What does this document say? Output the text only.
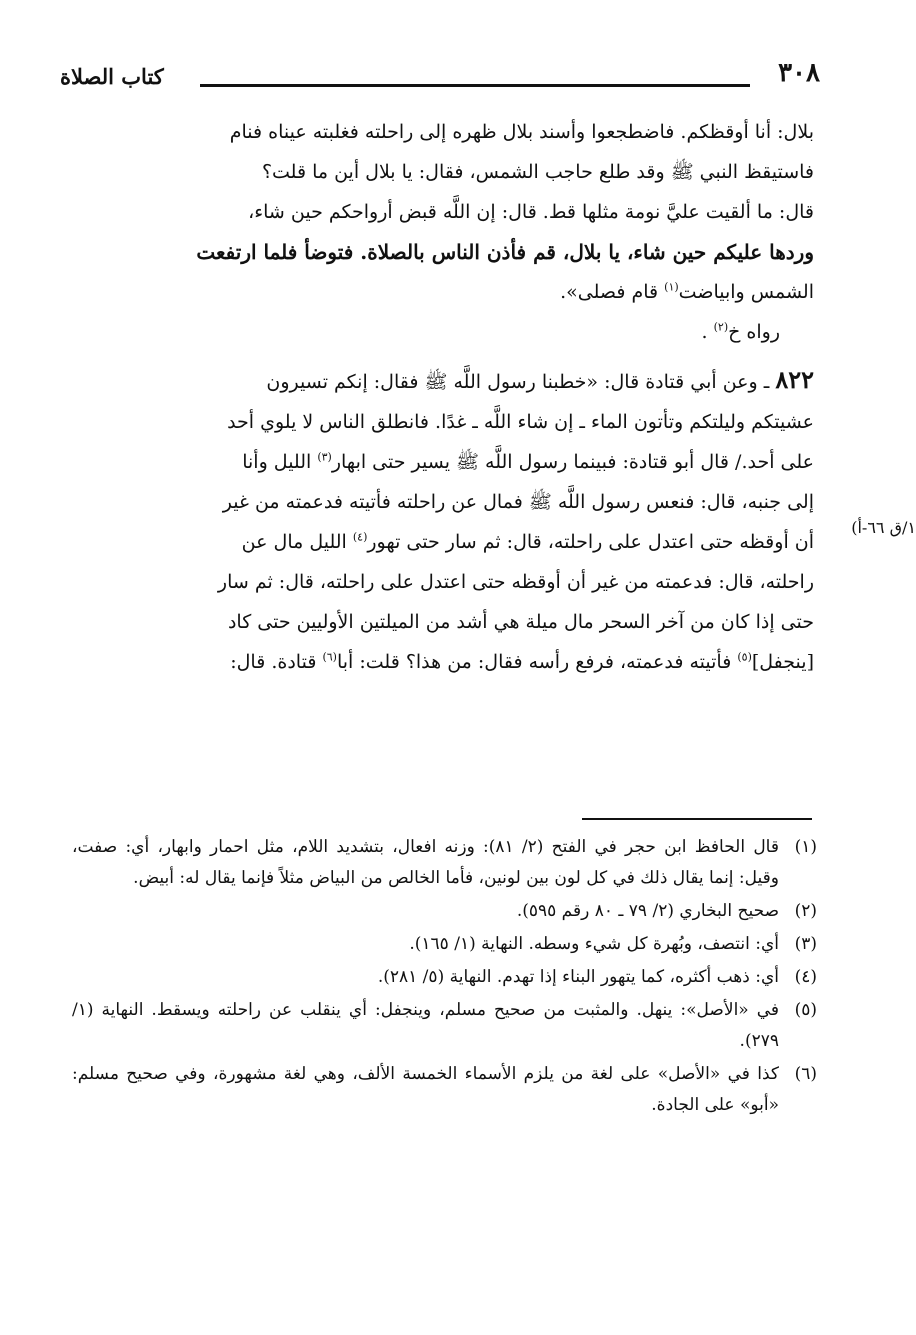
٣٠٨
كتاب الصلاة
١/ق ٦٦-أ)

بلال: أنا أوقظكم. فاضطجعوا وأسند بلال ظهره إلى راحلته فغلبته عيناه فنام

فاستيقظ النبي ﷺ وقد طلع حاجب الشمس، فقال: يا بلال أين ما قلت؟

قال: ما ألقيت عليَّ نومة مثلها قط. قال: إن اللَّه قبض أرواحكم حين شاء،

وردها عليكم حين شاء، يا بلال، قم فأذن الناس بالصلاة. فتوضأ فلما ارتفعت

الشمس وابياضت$^{(١)}$ قام فصلى».

رواه خ$^{(٢)}$ .

٨٢٢ ـ وعن أبي قتادة قال: «خطبنا رسول اللَّه ﷺ فقال: إنكم تسيرون

عشيتكم وليلتكم وتأتون الماء ـ إن شاء اللَّه ـ غدًا. فانطلق الناس لا يلوي أحد

على أحد./ قال أبو قتادة: فبينما رسول اللَّه ﷺ يسير حتى ابهار$^{(٣)}$ الليل وأنا

إلى جنبه، قال: فنعس رسول اللَّه ﷺ فمال عن راحلته فأتيته فدعمته من غير

أن أوقظه حتى اعتدل على راحلته، قال: ثم سار حتى تهور$^{(٤)}$ الليل مال عن

راحلته، قال: فدعمته من غير أن أوقظه حتى اعتدل على راحلته، قال: ثم سار

حتى إذا كان من آخر السحر مال ميلة هي أشد من الميلتين الأوليين حتى كاد

[ينجفل]$^{(٥)}$ فأتيته فدعمته، فرفع رأسه فقال: من هذا؟ قلت: أبا$^{(٦)}$ قتادة. قال:

(١)
قال الحافظ ابن حجر في الفتح (٢/ ٨١): وزنه افعال، بتشديد اللام، مثل احمار وابهار، أي: صفت، وقيل: إنما يقال ذلك في كل لون بين لونين، فأما الخالص من البياض مثلاً فإنما يقال له: أبيض.
(٢)
صحيح البخاري (٢/ ٧٩ ـ ٨٠ رقم ٥٩٥).
(٣)
أي: انتصف، وبُهرة كل شيء وسطه. النهاية (١/ ١٦٥).
(٤)
أي: ذهب أكثره، كما يتهور البناء إذا تهدم. النهاية (٥/ ٢٨١).
(٥)
في «الأصل»: ينهل. والمثبت من صحيح مسلم، وينجفل: أي ينقلب عن راحلته ويسقط. النهاية (١/ ٢٧٩).
(٦)
كذا في «الأصل» على لغة من يلزم الأسماء الخمسة الألف، وهي لغة مشهورة، وفي صحيح مسلم: «أبو» على الجادة.
